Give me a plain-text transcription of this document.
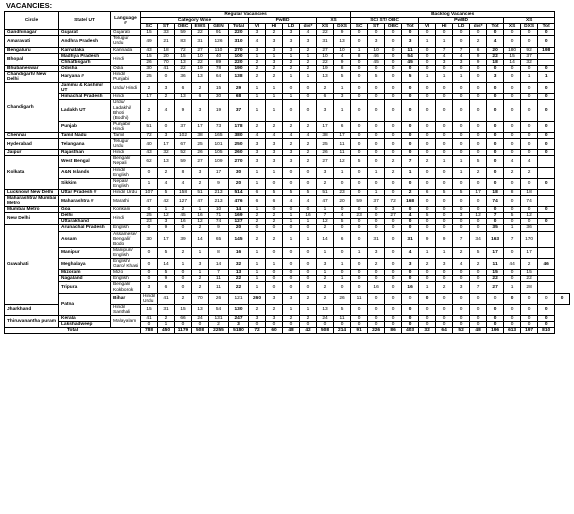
VACANCIES:
Circle	State/ UT	Language
#	Regular Vacancies												Backlog Vacancies												
			Category Wise						PwBD				XS		SC/ ST/ OBC				PwBD					XS			
			SC	ST	OBC	EWS	GEN	Total	VI	HI	LD	dis*	XS	DXS	SC	ST	OBC	Tot	VI	HI	LD	dis*	Tot	XS	DXS	Tot	
Gandhinagar	Gujarat	Gujarati	15	33	59	22	91	220	3	2	3	4	22	9	0	0	0	0	0	0	0	0	0	0	0	0	
Amaravati	Andhra Pradesh	Telugu/ Urdu	49	21	83	31	126	310	4	3	3	3	31	13	0	3	0	3	1	1	0	2	4	0	0	0	
Bengaluru	Karnataka	Kannada	43	18	72	27	110	270	3	3	3	2	27	10	1	10	0	11	0	7	7	6	20	180	92	198	
Bhopal	Madhya Pradesh	Hindi	15	20	15	10	40	100	1	1	1	1	10	4	8	46	0	54	0	4	4	9	22	15	37		
	Chhattisgarh		26	70	13	22	89	220	2	3	2	2	22	9	0	45	0	45	0	3	3	9	18	14	32		
Bhubaneswar	Odisha	Odia	30	41	22	19	78	190	2	2	2	2	19	8	0	0	0	0	0	0	0	0	0	0	0	0	
Chandigarh/ New Delhi	Haryana #	Hindi/ Punjabi	25	0	36	13	64	138	2	2	1	1	13	5	0	5	0	5	1	1	1	0	3	0	1	1	
Chandigarh	Jammu & Kashmir UT	Urdu/ Hindi	2	3	6	2	15	29	1	1	0	0	2	1	0	0	0	0	0	0	0	0	0	0	0	0	
	Himachal Pradesh	Hindi	17	2	13	6	30	68	1	1	1	0	6	3	0	0	0	0	0	0	0	0	0	0	0	0	
	Ladakh UT	Urdu/ Ladakhi/ Bhoti (Bodhi)	2	4	9	3	19	37	1	1	0	0	3	1	0	0	0	0	0	0	0	0	0	0	0	0	
	Punjab	Punjabi/ Hindi	51	0	37	17	73	178	2	2	2	2	17	6	0	0	0	0	0	0	0	0	0	0	0	0	
Chennai	Tamil Nadu	Tamil	72	3	102	38	165	380	4	4	4	4	38	17	0	0	0	0	0	0	0	0	0	0	0	0	
Hyderabad	Telangana	Telugu/ Urdu	40	17	67	25	101	250	3	3	2	2	25	11	0	0	0	0	0	0	0	0	0	0	0	0	
Jaipur	Rajasthan	Hindi	43	32	52	26	105	260	3	3	3	2	26	11	0	0	0	0	0	0	0	0	0	0	0	0	
Kolkata	West Bengal	Bengali/ Nepali	62	13	59	27	109	270	3	3	3	2	27	12	5	0	2	7	2	1	1	5	0	4	4		
	A&N Islands	Hindi/ English	0	2	8	3	17	30	1	1	0	0	3	1	0	1	2	1	0	0	1	2	0	2	2		
	Sikkim	Nepali/ English	1	4	4	2	9	20	1	0	0	0	2	0	0	0	0	0	0	0	0	0	0	0	0	0	
Lucknow/ New Delhi	Uttar Pradesh #	Hindi/ Urdu	107	5	158	51	213	514	6	5	5	5	51	23	0	1	0	2	6	5	5	17	18	8	18		
Maharashtra/ Mumbai Metro	Maharashtra #	Marathi	47	42	127	47	213	476	6	6	4	4	47	20	59	37	72	168	0	0	0	0	74	0	74		
Mumbai Metro	Goa	Konkani	0	1	2	1	10	14	1	0	0	0	1	0	0	0	3	0	0	0	0	0	0	0	0	0	
New Delhi	Delhi	Hindi	25	12	45	16	71	169	2	2	1	16	7	4	23	0	27	4	5	0	3	12	7	5	12		
	Uttarakhand		23	3	16	12	74	127	2	2	1	1	12	5	0	0	0	0	0	0	0	0	0	0	0	0	
Guwahati	Arunachal Pradesh	English	0	9	0	2	9	20	0	0	0	0	2	0	0	0	0	0	0	0	0	0	35	1	36		
	Assam	Assamese/ Bengali/ Bodo	30	17	39	14	65	145	2	2	1	1	14	6	0	31	0	31	9	9	7	34	163	7	170		
	Manipur	Manipuri/ English	0	5	2	1	8	16	1	0	0	0	1	0	1	3	0	4	1	1	2	5	17	0	17		
	Meghalaya	English/ Garo/ Khasi	0	14	1	3	14	32	1	1	0	0	3	1	0	2	0	3	2	3	4	2	11	44	2	46	
	Mizoram	Mizo	0	5	0	1	7	13	1	0	0	0	1	0	0	0	0	0	0	0	0	0	15	0	15		
	Nagaland	English	0	9	0	2	11	22	1	0	0	0	2	1	0	0	0	0	0	0	0	0	22	0	22		
	Tripura	Bengali/ Kokborok	3	6	0	2	11	22	1	0	0	0	2	0	0	16	0	16	1	2	3	7	27	1	28		
	Patna	Bihar	Hindi/ Urdu	41	2	70	26	121	260	3	3	2	2	26	11	0	0	0	0	0	0	0	0	0	0	0	0
Jharkhand		Hindi/ Santhali	15	31	15	13	54	130	2	2	1	1	13	5	0	0	0	0	0	0	0	0	0	0	0	0	
Thiruvanantha puram	Kerala	Malayalam	41	2	66	24	131	247	3	3	2	2	24	11	0	0	0	0	0	0	0	0	0	0	0	0	
	Lakshadweep		0	1	0	0	2	3	0	0	0	0	0	0	0	0	0	0	0	0	0	0	0	0	0	0	
Total			788	450	1179	508	2255	5180	72	60	48	42	508	214	91	226	86	403	32	64	52	48	196	613	197	810	
